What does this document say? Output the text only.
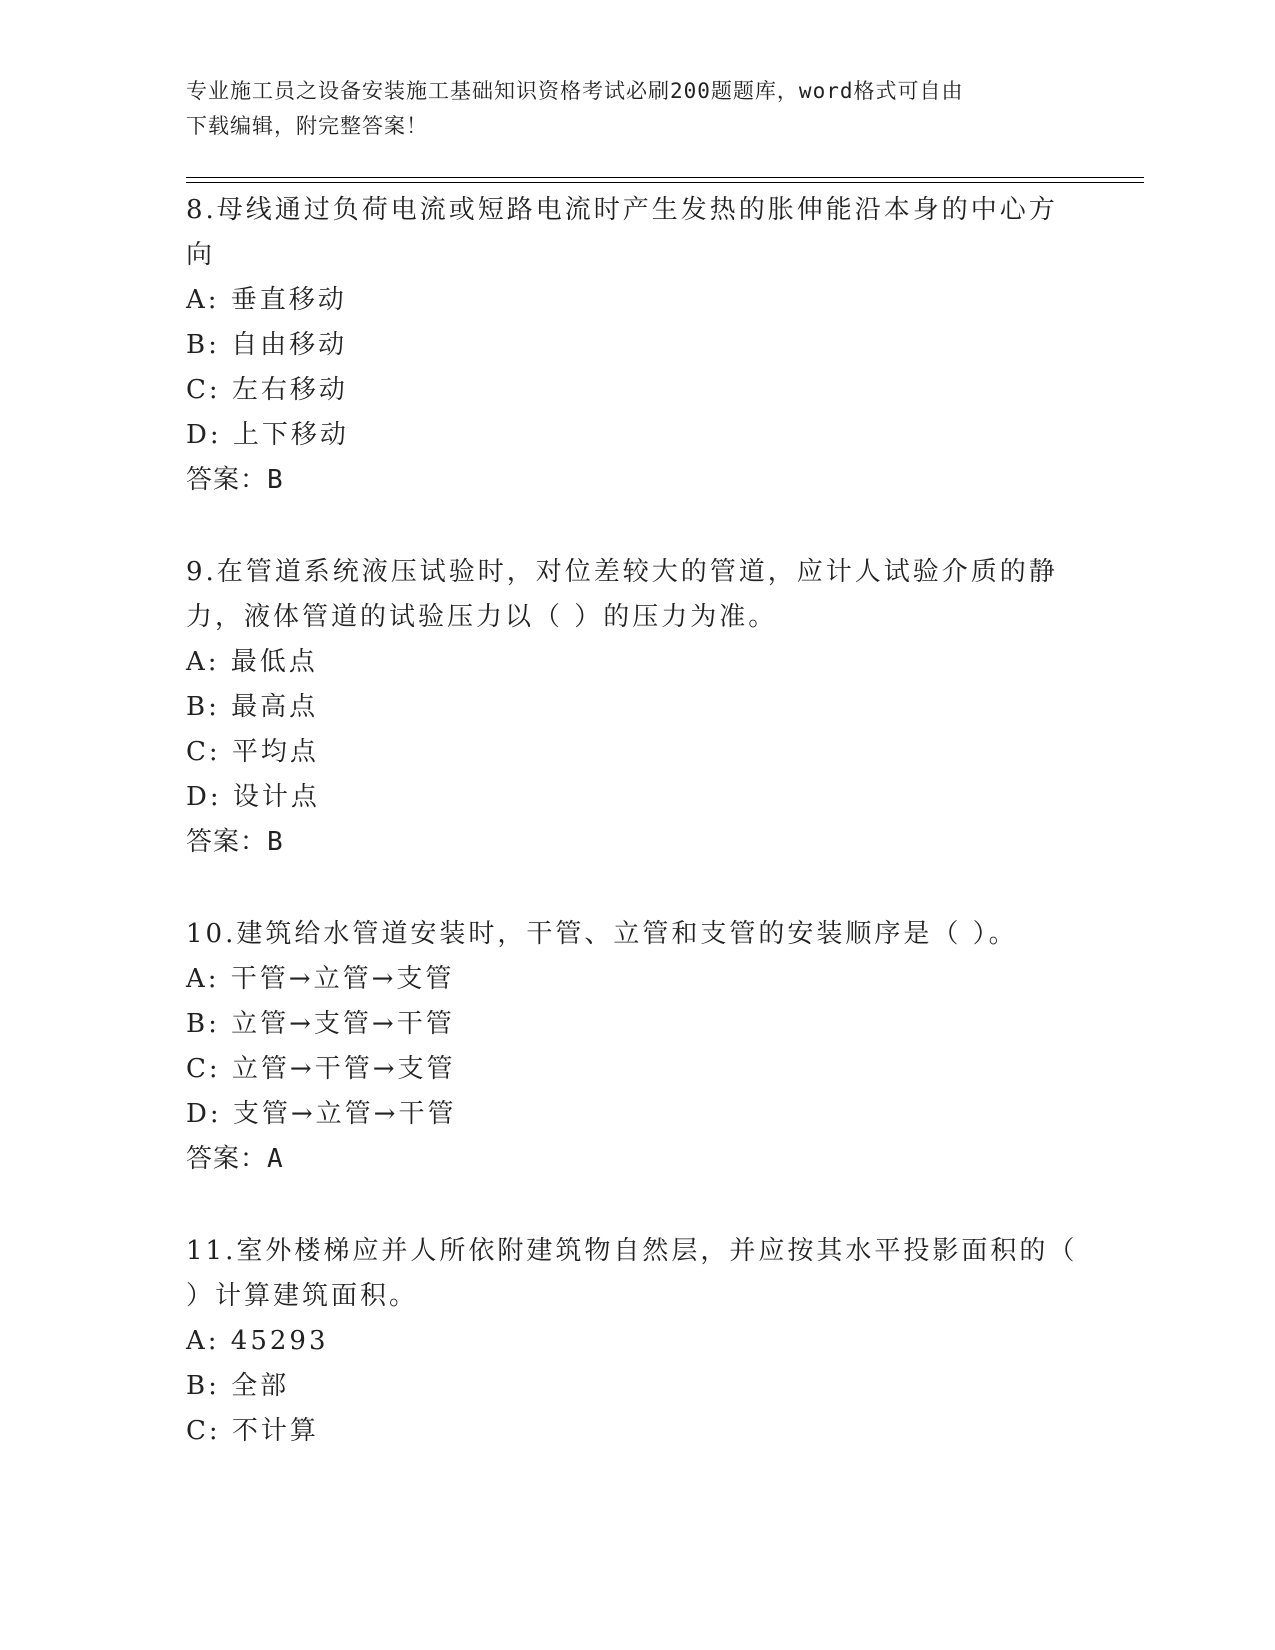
专业施工员之设备安装施工基础知识资格考试必刷200题题库，word格式可自由
下载编辑，附完整答案！
8.母线通过负荷电流或短路电流时产生发热的胀伸能沿本身的中心方
向
A: 垂直移动
B: 自由移动
C: 左右移动
D: 上下移动
答案：B
9.在管道系统液压试验时，对位差较大的管道，应计人试验介质的静
力，液体管道的试验压力以（ ）的压力为准。
A: 最低点
B: 最高点
C: 平均点
D: 设计点
答案：B
10.建筑给水管道安装时，干管、立管和支管的安装顺序是（ ）。
A: 干管→立管→支管
B: 立管→支管→干管
C: 立管→干管→支管
D: 支管→立管→干管
答案：A
11.室外楼梯应并人所依附建筑物自然层，并应按其水平投影面积的（
）计算建筑面积。
A: 45293
B: 全部
C: 不计算
